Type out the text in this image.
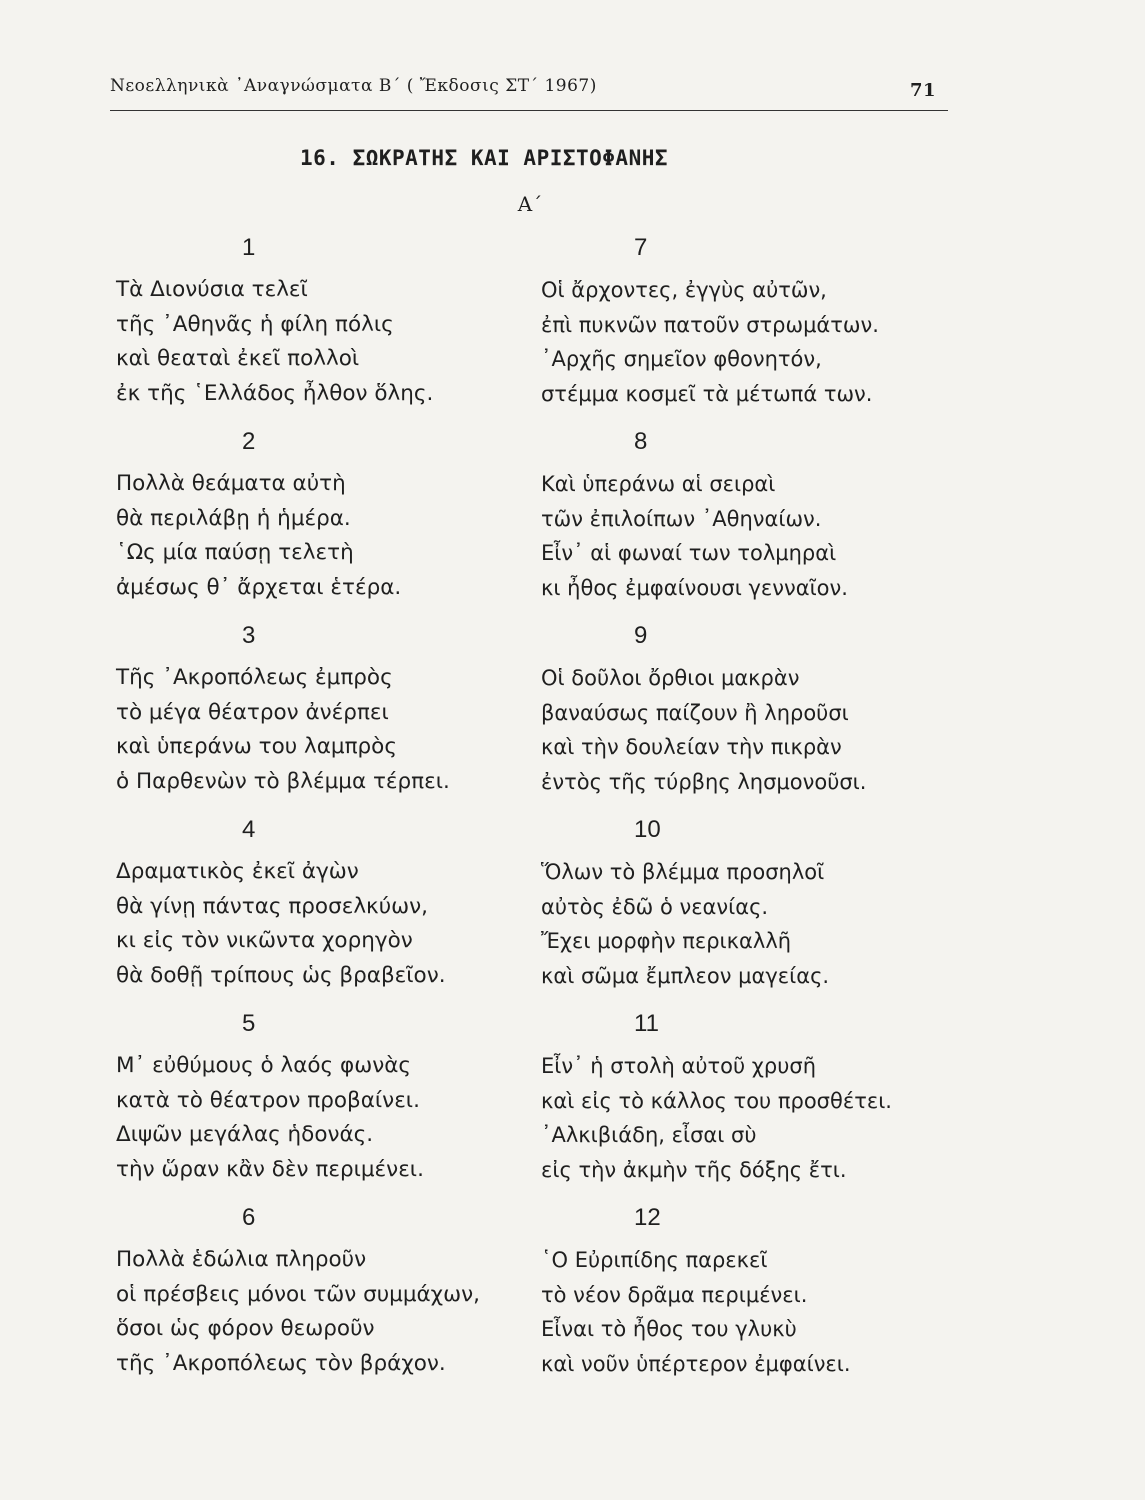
Νεοελληνικὰ ᾿Αναγνώσματα Β΄ ( Ἔκδοσις ΣΤ΄ 1967)	71
16. ΣΩΚΡΑΤΗΣ ΚΑΙ ΑΡΙΣΤΟΦΑΝΗΣ
Α΄
1
Τὰ Διονύσια τελεῖ
τῆς ᾿Αθηνᾶς ἡ φίλη πόλις
καὶ θεαταὶ ἐκεῖ πολλοὶ
ἐκ τῆς ῾Ελλάδος ἦλθον ὅλης.
2
Πολλὰ θεάματα αὐτὴ
θὰ περιλάβῃ ἡ ἡμέρα.
῾Ως μία παύσῃ τελετὴ
ἀμέσως θ᾿ ἄρχεται ἑτέρα.
3
Τῆς ᾿Ακροπόλεως ἐμπρὸς
τὸ μέγα θέατρον ἀνέρπει
καὶ ὑπεράνω του λαμπρὸς
ὁ Παρθενὼν τὸ βλέμμα τέρπει.
4
Δραματικὸς ἐκεῖ ἀγὼν
θὰ γίνῃ πάντας προσελκύων,
κι εἰς τὸν νικῶντα χορηγὸν
θὰ δοθῇ τρίπους ὡς βραβεῖον.
5
Μ᾿ εὐθύμους ὁ λαός φωνὰς
κατὰ τὸ θέατρον προβαίνει.
Διψῶν μεγάλας ἡδονάς.
τὴν ὥραν κἂν δὲν περιμένει.
6
Πολλὰ ἑδώλια πληροῦν
οἱ πρέσβεις μόνοι τῶν συμμάχων,
ὅσοι ὡς φόρον θεωροῦν
τῆς ᾿Ακροπόλεως τὸν βράχον.
7
Οἱ ἄρχοντες, ἐγγὺς αὐτῶν,
ἐπὶ πυκνῶν πατοῦν στρωμάτων.
᾿Αρχῆς σημεῖον φθονητόν,
στέμμα κοσμεῖ τὰ μέτωπά των.
8
Καὶ ὑπεράνω αἱ σειραὶ
τῶν ἐπιλοίπων ᾿Αθηναίων.
Εἶν᾿ αἱ φωναί των τολμηραὶ
κι ἦθος ἐμφαίνουσι γενναῖον.
9
Οἱ δοῦλοι ὄρθιοι μακρὰν
βαναύσως παίζουν ἢ ληροῦσι
καὶ τὴν δουλείαν τὴν πικρὰν
ἐντὸς τῆς τύρβης λησμονοῦσι.
10
Ὅλων τὸ βλέμμα προσηλοῖ
αὐτὸς ἐδῶ ὁ νεανίας.
Ἔχει μορφὴν περικαλλῆ
καὶ σῶμα ἔμπλεον μαγείας.
11
Εἶν᾿ ἡ στολὴ αὐτοῦ χρυσῆ
καὶ εἰς τὸ κάλλος του προσθέτει.
᾿Αλκιβιάδη, εἶσαι σὺ
εἰς τὴν ἀκμὴν τῆς δόξης ἔτι.
12
῾Ο Εὐριπίδης παρεκεῖ
τὸ νέον δρᾶμα περιμένει.
Εἶναι τὸ ἦθος του γλυκὺ
καὶ νοῦν ὑπέρτερον ἐμφαίνει.
